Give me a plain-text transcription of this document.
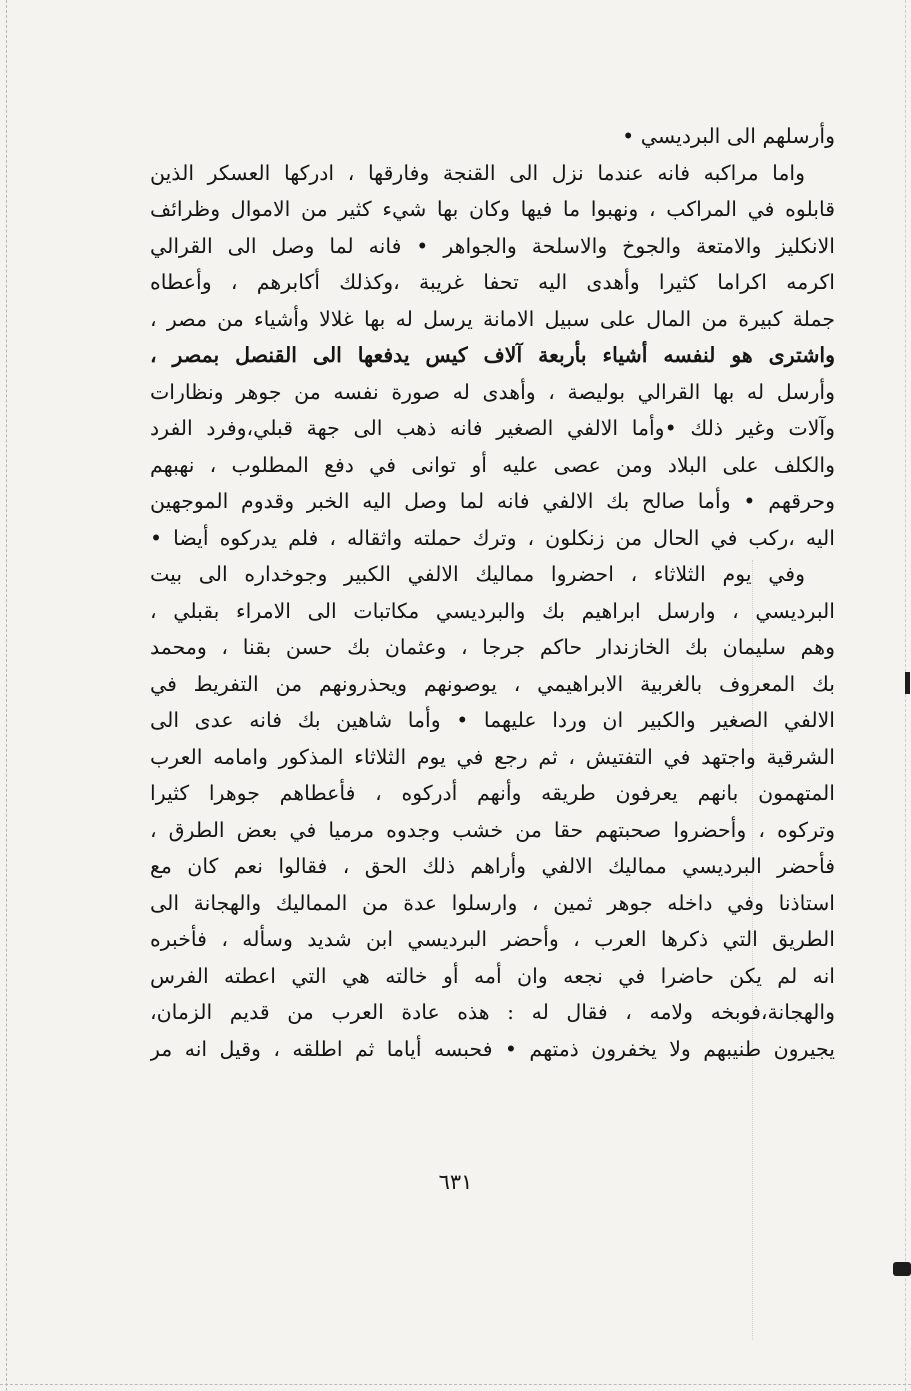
وأرسلهم الى البرديسي •
واما مراكبه فانه عندما نزل الى القنجة وفارقها ، ادركها العسكر الذين
قابلوه في المراكب ، ونهبوا ما فيها وكان بها شيء كثير من الاموال وظرائف
الانكليز والامتعة والجوخ والاسلحة والجواهر • فانه لما وصل الى القرالي
اكرمه اكراما كثيرا وأهدى اليه تحفا غريبة ،وكذلك أكابرهم ، وأعطاه
جملة كبيرة من المال على سبيل الامانة يرسل له بها غلالا وأشياء من مصر ،
واشترى هو لنفسه أشياء بأربعة آلاف كيس يدفعها الى القنصل بمصر ،
وأرسل له بها القرالي بوليصة ، وأهدى له صورة نفسه من جوهر ونظارات
وآلات وغير ذلك •وأما الالفي الصغير فانه ذهب الى جهة قبلي،وفرد الفرد
والكلف على البلاد ومن عصى عليه أو توانى في دفع المطلوب ، نهبهم
وحرقهم • وأما صالح بك الالفي فانه لما وصل اليه الخبر وقدوم الموجهين
اليه ،ركب في الحال من زنكلون ، وترك حملته واثقاله ، فلم يدركوه أيضا •
وفي يوم الثلاثاء ، احضروا مماليك الالفي الكبير وجوخداره الى بيت
البرديسي ، وارسل ابراهيم بك والبرديسي مكاتبات الى الامراء بقبلي ،
وهم سليمان بك الخازندار حاكم جرجا ، وعثمان بك حسن بقنا ، ومحمد
بك المعروف بالغربية الابراهيمي ، يوصونهم ويحذرونهم من التفريط في
الالفي الصغير والكبير ان وردا عليهما • وأما شاهين بك فانه عدى الى
الشرقية واجتهد في التفتيش ، ثم رجع في يوم الثلاثاء المذكور وامامه العرب
المتهمون بانهم يعرفون طريقه وأنهم أدركوه ، فأعطاهم جوهرا كثيرا
وتركوه ، وأحضروا صحبتهم حقا من خشب وجدوه مرميا في بعض الطرق ،
فأحضر البرديسي مماليك الالفي وأراهم ذلك الحق ، فقالوا نعم كان مع
استاذنا وفي داخله جوهر ثمين ، وارسلوا عدة من المماليك والهجانة الى
الطريق التي ذكرها العرب ، وأحضر البرديسي ابن شديد وسأله ، فأخبره
انه لم يكن حاضرا في نجعه وان أمه أو خالته هي التي اعطته الفرس
والهجانة،فوبخه ولامه ، فقال له : هذه عادة العرب من قديم الزمان،
يجيرون طنيبهم ولا يخفرون ذمتهم • فحبسه أياما ثم اطلقه ، وقيل انه مر
٦٣١
